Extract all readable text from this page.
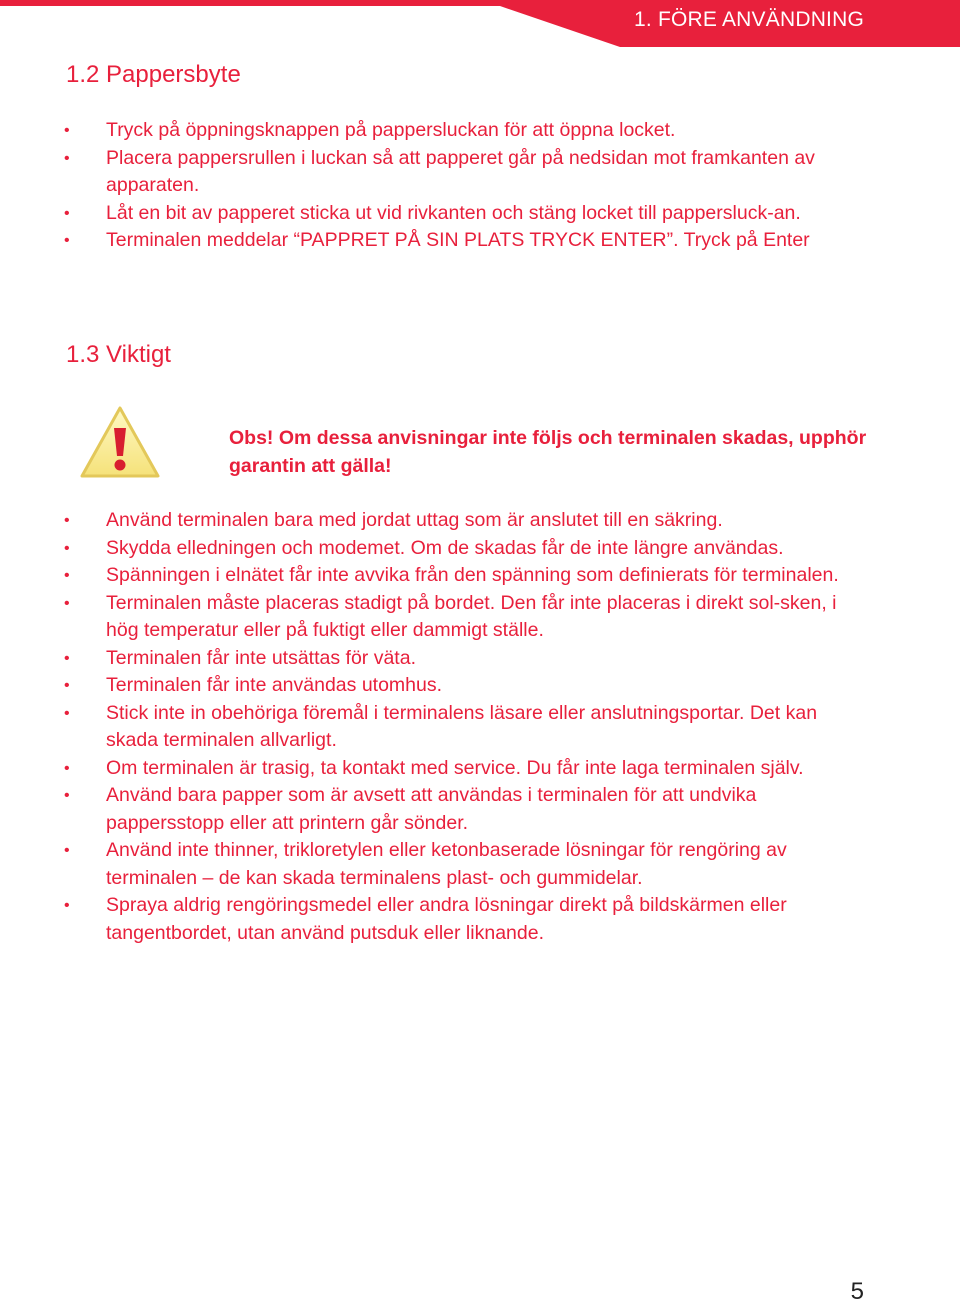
1. FÖRE ANVÄNDNING
1.2 Pappersbyte
• Tryck på öppningsknappen på pappersluckan för att öppna locket.
• Placera pappersrullen i luckan så att papperet går på nedsidan mot framkanten av apparaten.
• Låt en bit av papperet sticka ut vid rivkanten och stäng locket till pappersluck-an.
• Terminalen meddelar “PAPPRET PÅ SIN PLATS TRYCK ENTER”. Tryck på Enter
1.3 Viktigt
Obs! Om dessa anvisningar inte följs och terminalen skadas, upphör garantin att gälla!
• Använd terminalen bara med jordat uttag som är anslutet till en säkring.
• Skydda elledningen och modemet. Om de skadas får de inte längre användas.
• Spänningen i elnätet får inte avvika från den spänning som definierats för terminalen.
• Terminalen måste placeras stadigt på bordet. Den får inte placeras i direkt sol-sken, i hög temperatur eller på fuktigt eller dammigt ställe.
• Terminalen får inte utsättas för väta.
• Terminalen får inte användas utomhus.
• Stick inte in obehöriga föremål i terminalens läsare eller anslutningsportar. Det kan skada terminalen allvarligt.
• Om terminalen är trasig, ta kontakt med service. Du får inte laga terminalen själv.
• Använd bara papper som är avsett att användas i terminalen för att undvika pappersstopp eller att printern går sönder.
• Använd inte thinner, trikloretylen eller ketonbaserade lösningar för rengöring av terminalen – de kan skada terminalens plast- och gummidelar.
• Spraya aldrig rengöringsmedel eller andra lösningar direkt på bildskärmen eller tangentbordet, utan använd putsduk eller liknande.
5
